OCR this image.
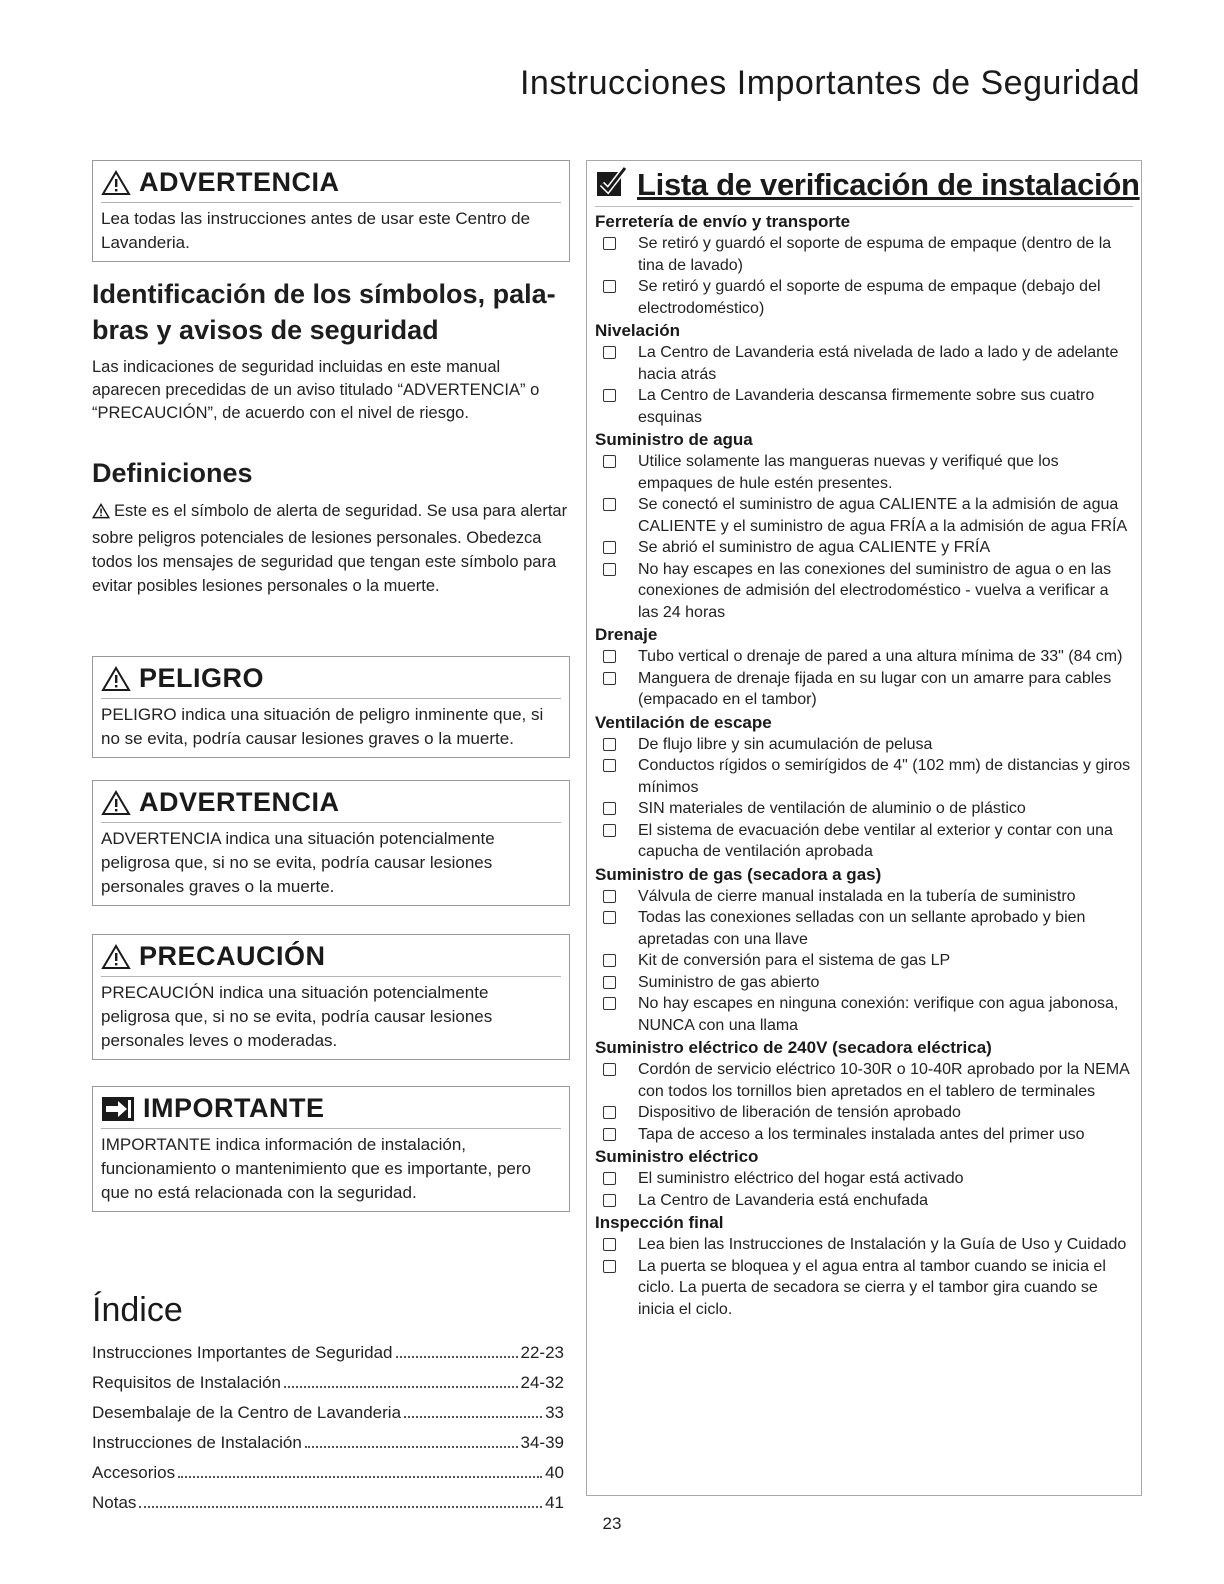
Instrucciones Importantes de Seguridad
ADVERTENCIA
Lea todas las instrucciones antes de usar este Centro de Lavanderia.
Identificación de los símbolos, pala-
bras y avisos de seguridad
Las indicaciones de seguridad incluidas en este manual aparecen precedidas de un aviso titulado “ADVERTENCIA” o “PRECAUCIÓN”, de acuerdo con el nivel de riesgo.
Definiciones
Este es el símbolo de alerta de seguridad. Se usa para alertar sobre peligros potenciales de lesiones personales. Obedezca todos los mensajes de seguridad que tengan este símbolo para evitar posibles lesiones personales o la muerte.
PELIGRO
PELIGRO indica una situación de peligro inminente que, si no se evita, podría causar lesiones graves o la muerte.
ADVERTENCIA
ADVERTENCIA indica una situación potencialmente peligrosa que, si no se evita, podría causar lesiones personales graves o la muerte.
PRECAUCIÓN
PRECAUCIÓN indica una situación potencialmente peligrosa que, si no se evita, podría causar lesiones personales leves o moderadas.
IMPORTANTE
IMPORTANTE indica información de instalación, funcionamiento o mantenimiento que es importante, pero que no está relacionada con la seguridad.
Índice
Instrucciones Importantes de Seguridad	22-23
Requisitos de Instalación	24-32
Desembalaje de la Centro de Lavanderia	33
Instrucciones de Instalación	34-39
Accesorios	40
Notas	41
Lista de verificación de instalación
Ferretería de envío y transporte
Se retiró y guardó el soporte de espuma de empaque (dentro de la tina de lavado)
Se retiró y guardó el soporte de espuma de empaque (debajo del electrodoméstico)
Nivelación
La Centro de Lavanderia está nivelada de lado a lado y de adelante hacia atrás
La Centro de Lavanderia descansa firmemente sobre sus cuatro esquinas
Suministro de agua
Utilice solamente las mangueras nuevas y verifiqué que los empaques de hule estén presentes.
Se conectó el suministro de agua CALIENTE a la admisión de agua CALIENTE y el suministro de agua FRÍA a la admisión de agua FRÍA
Se abrió el suministro de agua CALIENTE y FRÍA
No hay escapes en las conexiones del suministro de agua o en las conexiones de admisión del electrodoméstico - vuelva a verificar a las 24 horas
Drenaje
Tubo vertical o drenaje de pared a una altura mínima de 33" (84 cm)
Manguera de drenaje fijada en su lugar con un amarre para cables (empacado en el tambor)
Ventilación de escape
De flujo libre y sin acumulación de pelusa
Conductos rígidos o semirígidos de 4" (102 mm) de distancias y giros mínimos
SIN materiales de ventilación de aluminio o de plástico
El sistema de evacuación debe ventilar al exterior y contar con una capucha de ventilación aprobada
Suministro de gas (secadora a gas)
Válvula de cierre manual instalada en la tubería de suministro
Todas las conexiones selladas con un sellante aprobado y bien apretadas con una llave
Kit de conversión para el sistema de gas LP
Suministro de gas abierto
No hay escapes en ninguna conexión: verifique con agua jabonosa, NUNCA con una llama
Suministro eléctrico de 240V (secadora eléctrica)
Cordón de servicio eléctrico 10-30R o 10-40R aprobado por la NEMA con todos los tornillos bien apretados en el tablero de terminales
Dispositivo de liberación de tensión aprobado
Tapa de acceso a los terminales instalada antes del primer uso
Suministro eléctrico
El suministro eléctrico del hogar está activado
La Centro de Lavanderia está enchufada
Inspección final
Lea bien las Instrucciones de Instalación y la Guía de Uso y Cuidado
La puerta se bloquea y el agua entra al tambor cuando se inicia el ciclo. La puerta de secadora se cierra y el tambor gira cuando se inicia el ciclo.
23
